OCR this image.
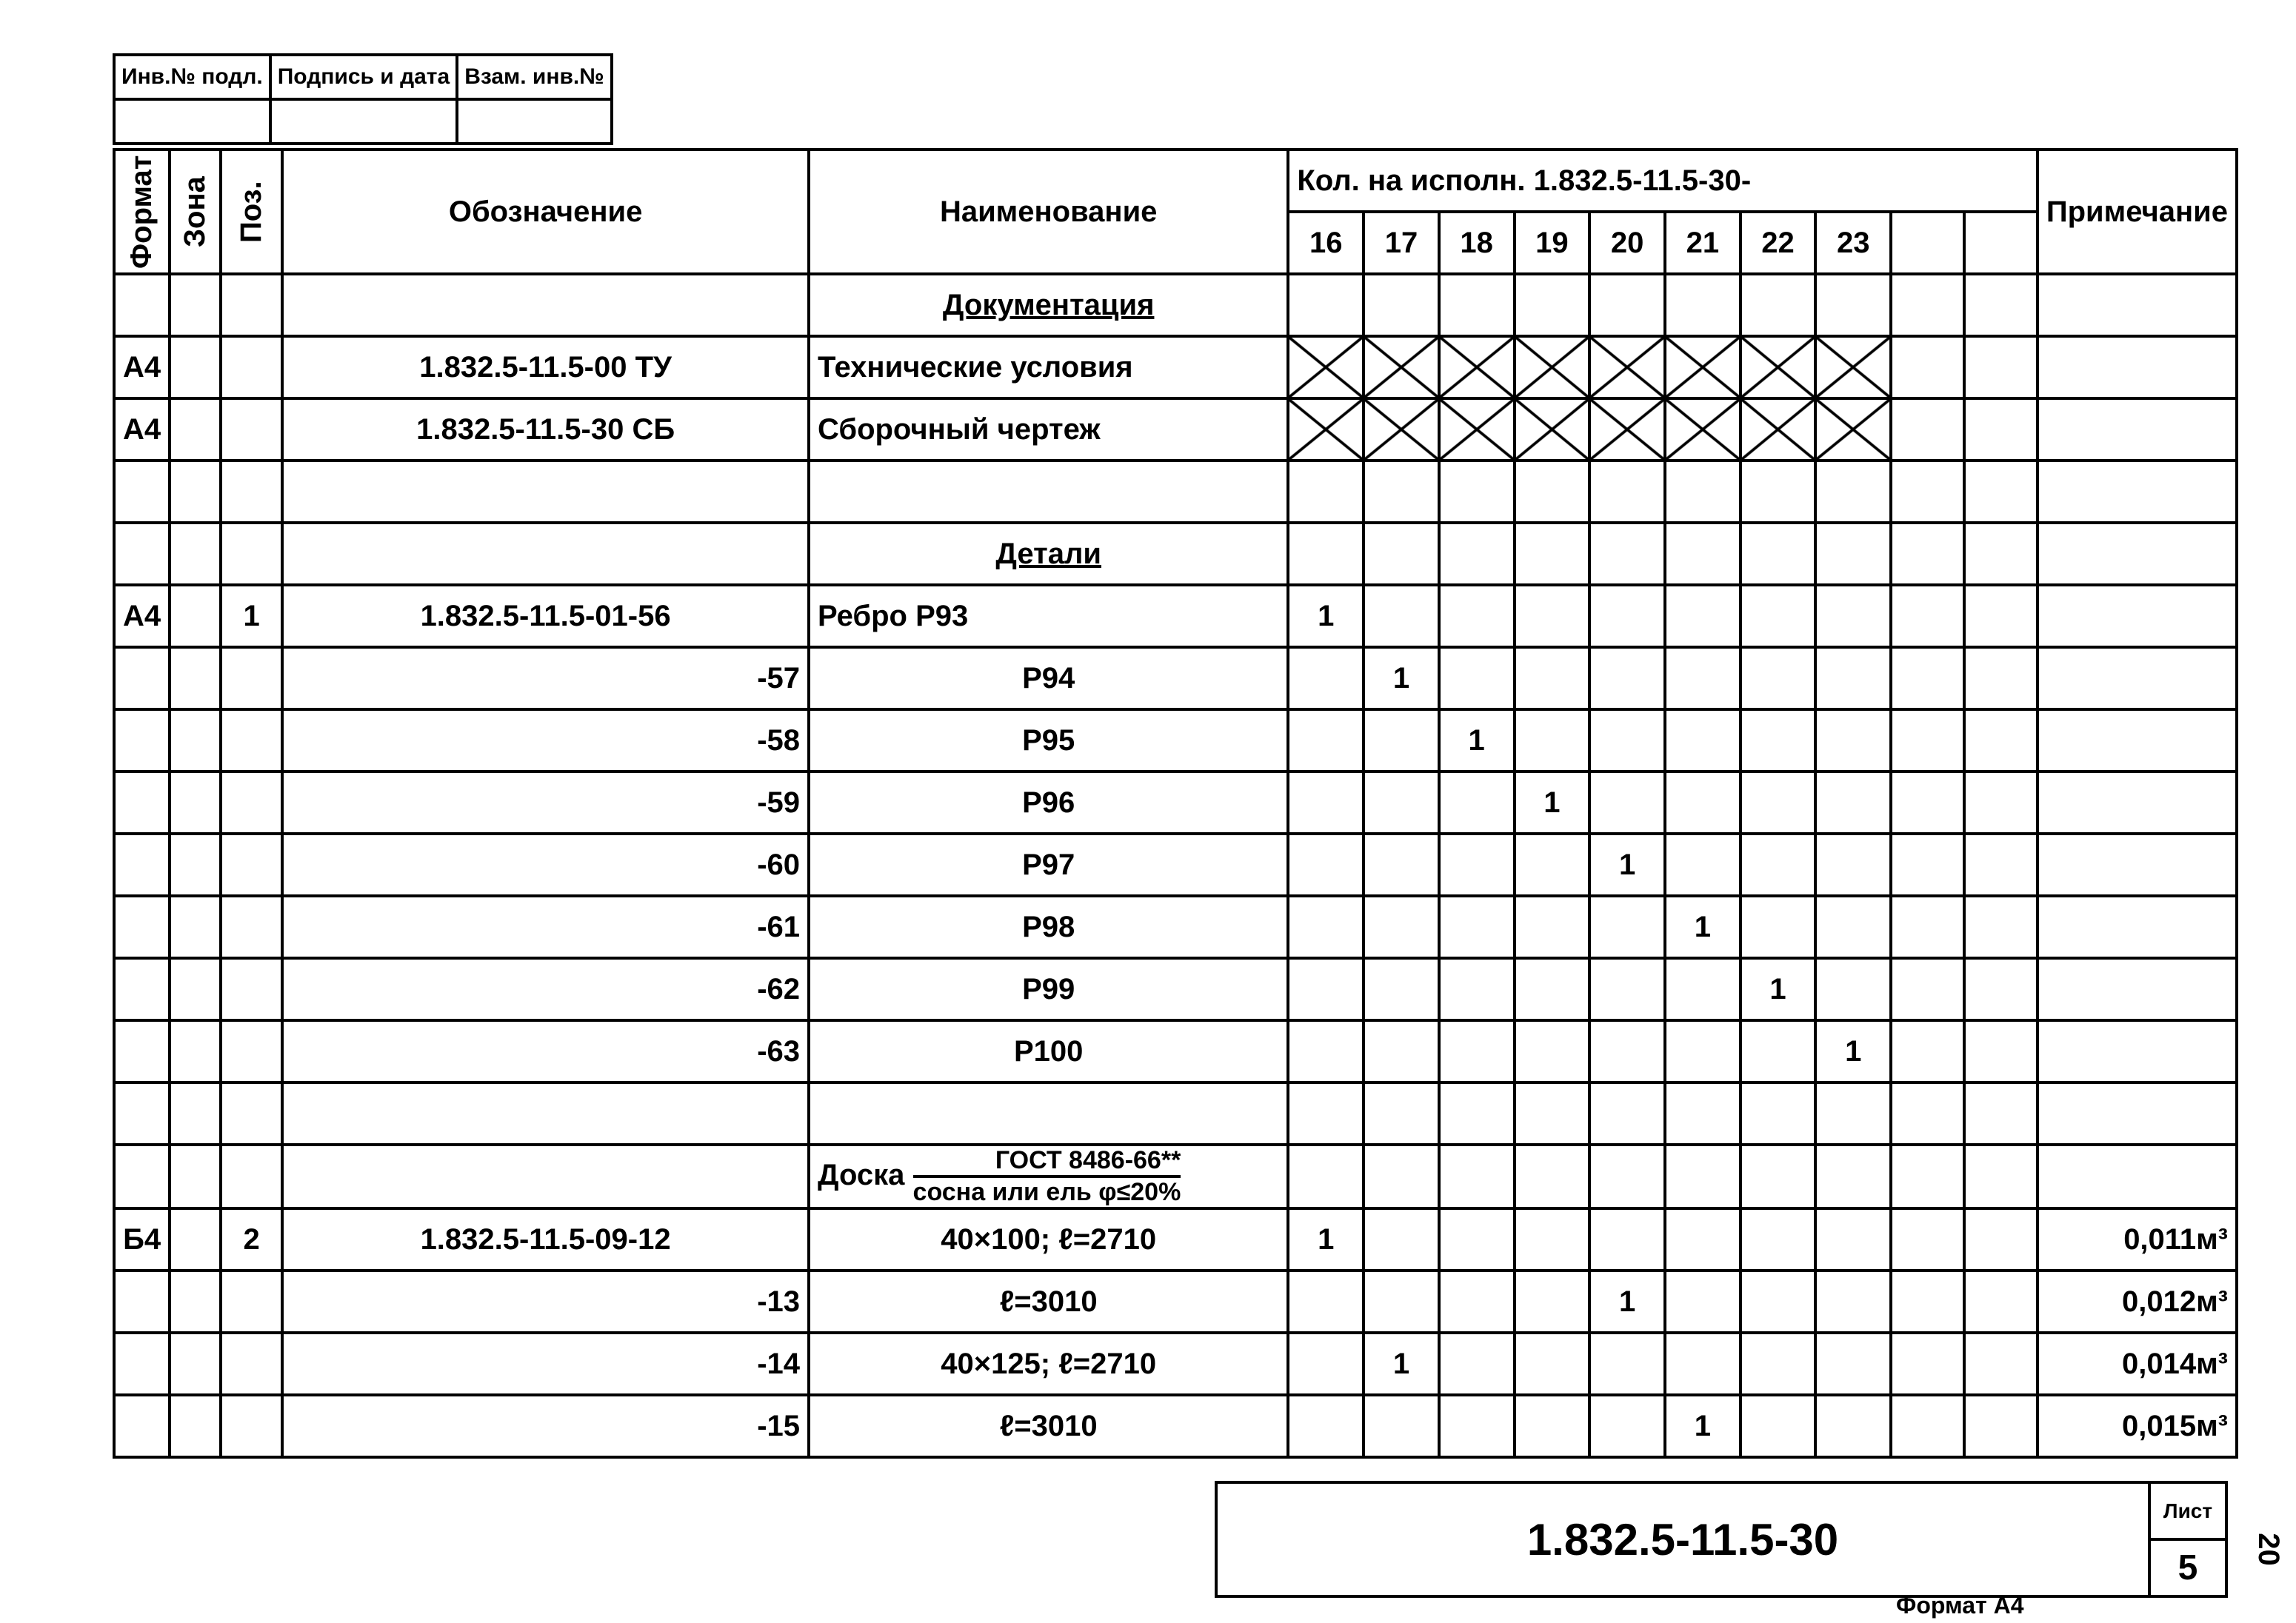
Инв.№ подл.	Подпись и дата	Взам. инв.№

Формат	Зона	Поз.	Обозначение	Наименование	Кол. на исполн. 1.832.5-11.5-30-										Примечание
					16	17	18	19	20	21	22	23			
				Документация											
А4			1.832.5-11.5-00 ТУ	Технические условия											
А4			1.832.5-11.5-30 СБ	Сборочный чертеж											

				Детали											
А4		1	1.832.5-11.5-01-56	Ребро Р93	1										
			-57	Р94		1									
			-58	Р95			1								
			-59	Р96				1							
			-60	Р97					1						
			-61	Р98						1					
			-62	Р99							1				
			-63	Р100								1			

				Доска $\frac{\text{ГОСТ 8486-66**}}{\text{сосна или ель φ≤20\%}}$

Б4		2	1.832.5-11.5-09-12	40×100; ℓ=2710	1										0,011м³
			-13	ℓ=3010					1						0,012м³
			-14	40×125; ℓ=2710		1									0,014м³
			-15	ℓ=3010						1					0,015м³
1.832.5-11.5-30
Лист
5
Формат А4
20
